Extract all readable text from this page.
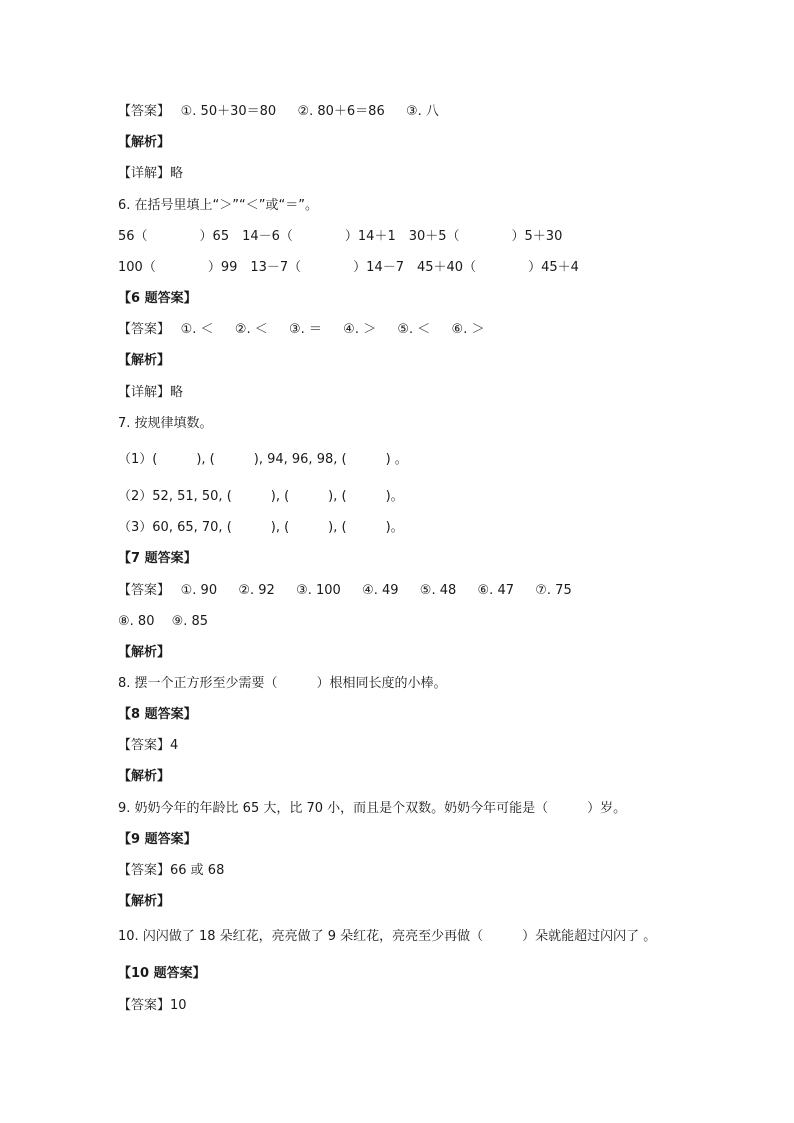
【答案】　 ①. 50＋30＝80　  ②. 80＋6＝86　  ③. 八
【解析】
【详解】略
6. 在括号里填上“＞”“＜”或“＝”。
56（　　　　）65　14－6（　　　　）14＋1　30＋5（　　　　）5＋30
100（　　　　）99　13－7（　　　　）14－7　45＋40（　　　　）45＋4
【6 题答案】
【答案】　 ①. ＜　  ②. ＜　  ③. ＝　  ④. ＞　  ⑤. ＜　  ⑥. ＞
【解析】
【详解】略
7. 按规律填数。
（1）(　　　), (　　　), 94, 96, 98, (　　　) 。
（2）52, 51, 50, (　　　), (　　　), (　　　)。
（3）60, 65, 70, (　　　), (　　　), (　　　)。
【7 题答案】
【答案】　 ①. 90　  ②. 92　  ③. 100　  ④. 49　  ⑤. 48　  ⑥. 47　  ⑦. 75
⑧. 80　 ⑨. 85
【解析】
8. 摆一个正方形至少需要（　　　）根相同长度的小棒。
【8 题答案】
【答案】4
【解析】
9. 奶奶今年的年龄比 65 大，比 70 小，而且是个双数。奶奶今年可能是（　　　）岁。
【9 题答案】
【答案】66 或 68
【解析】
10. 闪闪做了 18 朵红花，亮亮做了 9 朵红花，亮亮至少再做（　　　）朵就能超过闪闪了 。
【10 题答案】
【答案】10
